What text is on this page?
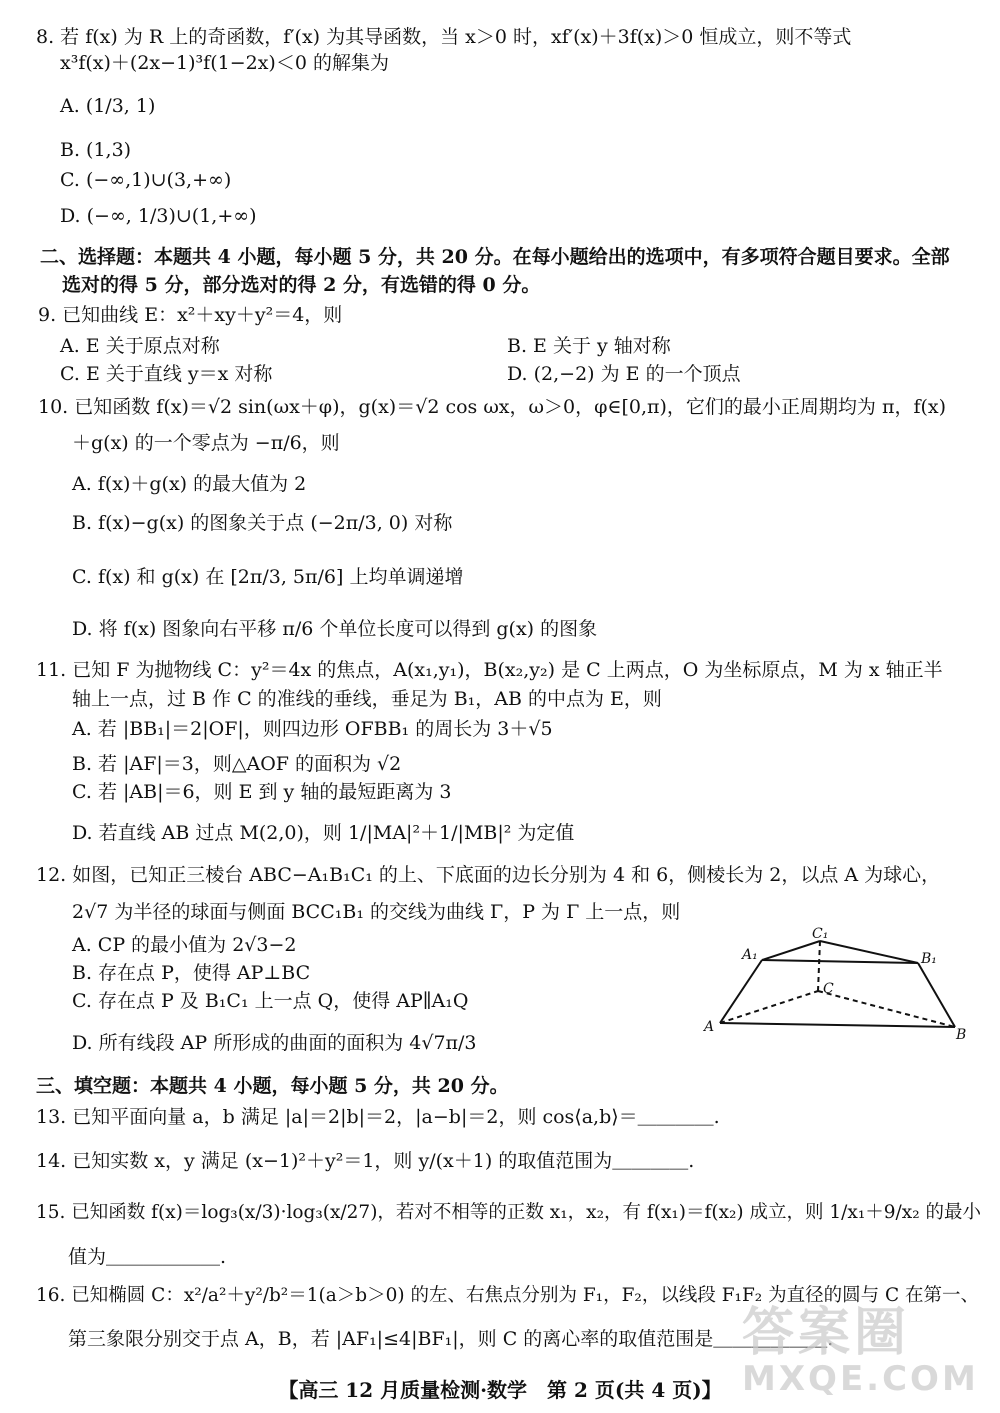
8. 若 f(x) 为 R 上的奇函数，f′(x) 为其导函数，当 x＞0 时，xf′(x)＋3f(x)＞0 恒成立，则不等式
x³f(x)＋(2x−1)³f(1−2x)＜0 的解集为
A. (1/3, 1)
B. (1,3)
C. (−∞,1)∪(3,+∞)
D. (−∞, 1/3)∪(1,+∞)
二、选择题：本题共 4 小题，每小题 5 分，共 20 分。在每小题给出的选项中，有多项符合题目要求。全部
选对的得 5 分，部分选对的得 2 分，有选错的得 0 分。
9. 已知曲线 E：x²＋xy＋y²＝4，则
A. E 关于原点对称	B. E 关于 y 轴对称
C. E 关于直线 y＝x 对称	D. (2,−2) 为 E 的一个顶点
10. 已知函数 f(x)＝√2 sin(ωx＋φ)，g(x)＝√2 cos ωx，ω＞0，φ∈[0,π)，它们的最小正周期均为 π，f(x)
＋g(x) 的一个零点为 −π/6，则
A. f(x)＋g(x) 的最大值为 2
B. f(x)−g(x) 的图象关于点 (−2π/3, 0) 对称
C. f(x) 和 g(x) 在 [2π/3, 5π/6] 上均单调递增
D. 将 f(x) 图象向右平移 π/6 个单位长度可以得到 g(x) 的图象
11. 已知 F 为抛物线 C：y²＝4x 的焦点，A(x₁,y₁)，B(x₂,y₂) 是 C 上两点，O 为坐标原点，M 为 x 轴正半
轴上一点，过 B 作 C 的准线的垂线，垂足为 B₁，AB 的中点为 E，则
A. 若 |BB₁|＝2|OF|，则四边形 OFBB₁ 的周长为 3＋√5
B. 若 |AF|＝3，则△AOF 的面积为 √2
C. 若 |AB|＝6，则 E 到 y 轴的最短距离为 3
D. 若直线 AB 过点 M(2,0)，则 1/|MA|²＋1/|MB|² 为定值
12. 如图，已知正三棱台 ABC−A₁B₁C₁ 的上、下底面的边长分别为 4 和 6，侧棱长为 2，以点 A 为球心，
2√7 为半径的球面与侧面 BCC₁B₁ 的交线为曲线 Γ，P 为 Γ 上一点，则
A. CP 的最小值为 2√3−2
B. 存在点 P，使得 AP⊥BC
C. 存在点 P 及 B₁C₁ 上一点 Q，使得 AP∥A₁Q
D. 所有线段 AP 所形成的曲面的面积为 4√7π/3
A	B
C
A₁	B₁
C₁
三、填空题：本题共 4 小题，每小题 5 分，共 20 分。
13. 已知平面向量 a，b 满足 |a|＝2|b|＝2，|a−b|＝2，则 cos⟨a,b⟩＝＿＿＿＿.
14. 已知实数 x，y 满足 (x−1)²＋y²＝1，则 y/(x＋1) 的取值范围为＿＿＿＿.
15. 已知函数 f(x)＝log₃(x/3)·log₃(x/27)，若对不相等的正数 x₁，x₂，有 f(x₁)＝f(x₂) 成立，则 1/x₁＋9/x₂ 的最小
值为＿＿＿＿＿＿.
16. 已知椭圆 C：x²/a²＋y²/b²＝1(a＞b＞0) 的左、右焦点分别为 F₁，F₂，以线段 F₁F₂ 为直径的圆与 C 在第一、
第三象限分别交于点 A，B，若 |AF₁|≤4|BF₁|，则 C 的离心率的取值范围是＿＿＿＿＿＿.
答案圈
MXQE.COM
【高三 12 月质量检测·数学　第 2 页(共 4 页)】
